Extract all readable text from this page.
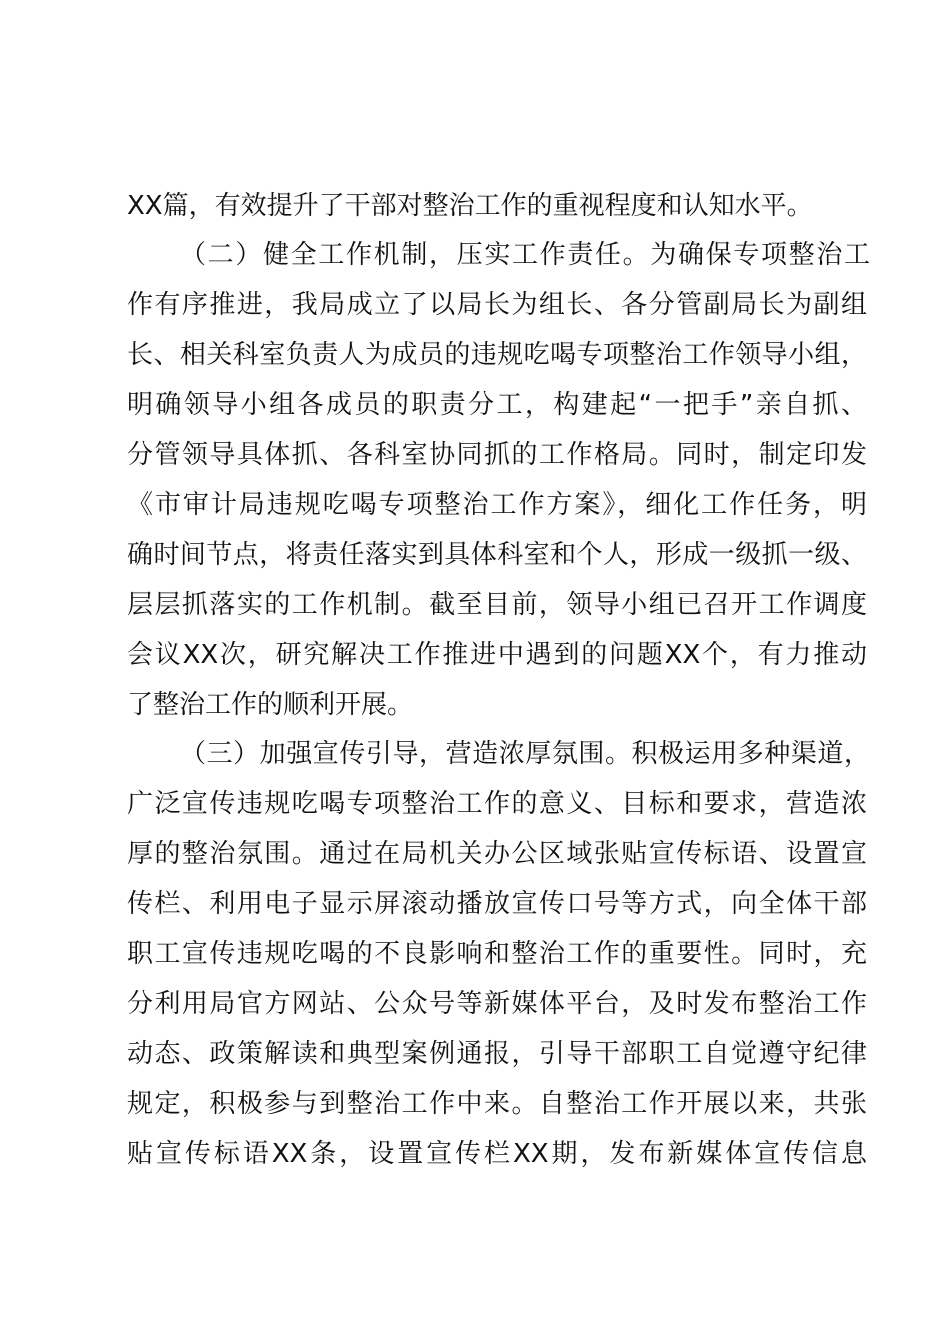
XX篇，有效提升了干部对整治工作的重视程度和认知水平。
（二）健全工作机制，压实工作责任。为确保专项整治工
作有序推进，我局成立了以局长为组长、各分管副局长为副组
长、相关科室负责人为成员的违规吃喝专项整治工作领导小组，
明确领导小组各成员的职责分工，构建起“一把手”亲自抓、
分管领导具体抓、各科室协同抓的工作格局。同时，制定印发
《市审计局违规吃喝专项整治工作方案》，细化工作任务，明
确时间节点，将责任落实到具体科室和个人，形成一级抓一级、
层层抓落实的工作机制。截至目前，领导小组已召开工作调度
会议XX次，研究解决工作推进中遇到的问题XX个，有力推动
了整治工作的顺利开展。
（三）加强宣传引导，营造浓厚氛围。积极运用多种渠道，
广泛宣传违规吃喝专项整治工作的意义、目标和要求，营造浓
厚的整治氛围。通过在局机关办公区域张贴宣传标语、设置宣
传栏、利用电子显示屏滚动播放宣传口号等方式，向全体干部
职工宣传违规吃喝的不良影响和整治工作的重要性。同时，充
分利用局官方网站、公众号等新媒体平台，及时发布整治工作
动态、政策解读和典型案例通报，引导干部职工自觉遵守纪律
规定，积极参与到整治工作中来。自整治工作开展以来，共张
贴宣传标语XX条，设置宣传栏XX期，发布新媒体宣传信息
